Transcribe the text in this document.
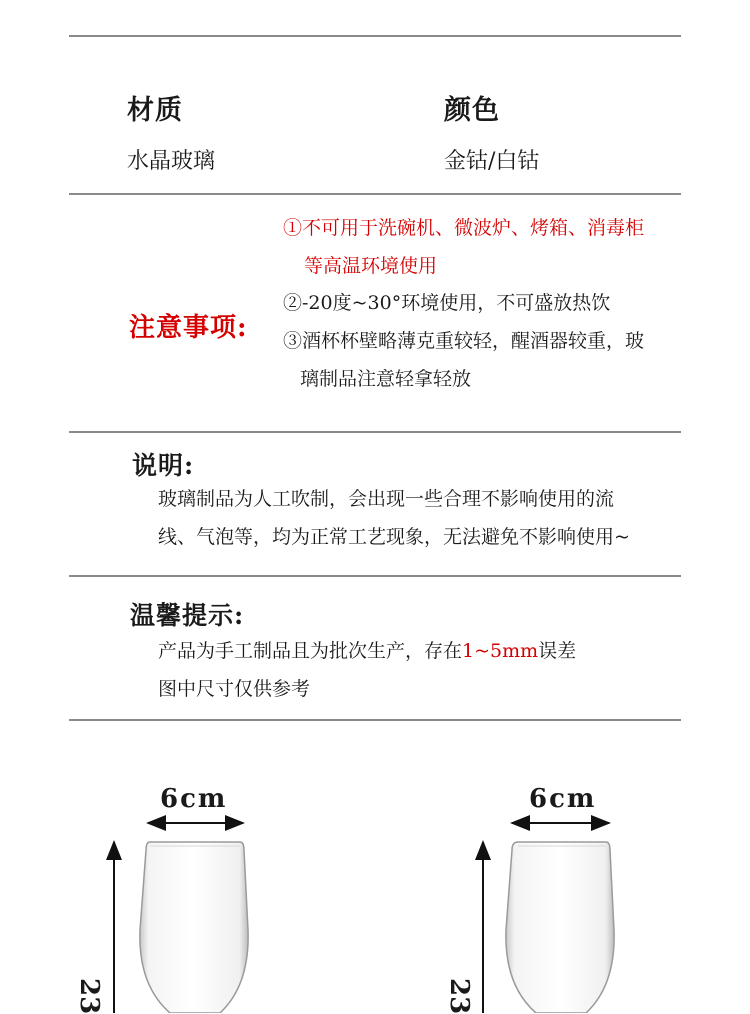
材质
水晶玻璃
颜色
金钴/白钴
注意事项:
①不可用于洗碗机、微波炉、烤箱、消毒柜
等高温环境使用
②-20度~30°环境使用，不可盛放热饮
③酒杯杯壁略薄克重较轻，醒酒器较重，玻
璃制品注意轻拿轻放
说明:
玻璃制品为人工吹制，会出现一些合理不影响使用的流
线、气泡等，均为正常工艺现象，无法避免不影响使用~
温馨提示:
产品为手工制品且为批次生产，存在1~5mm误差
图中尺寸仅供参考
6cm	6cm
23	23
